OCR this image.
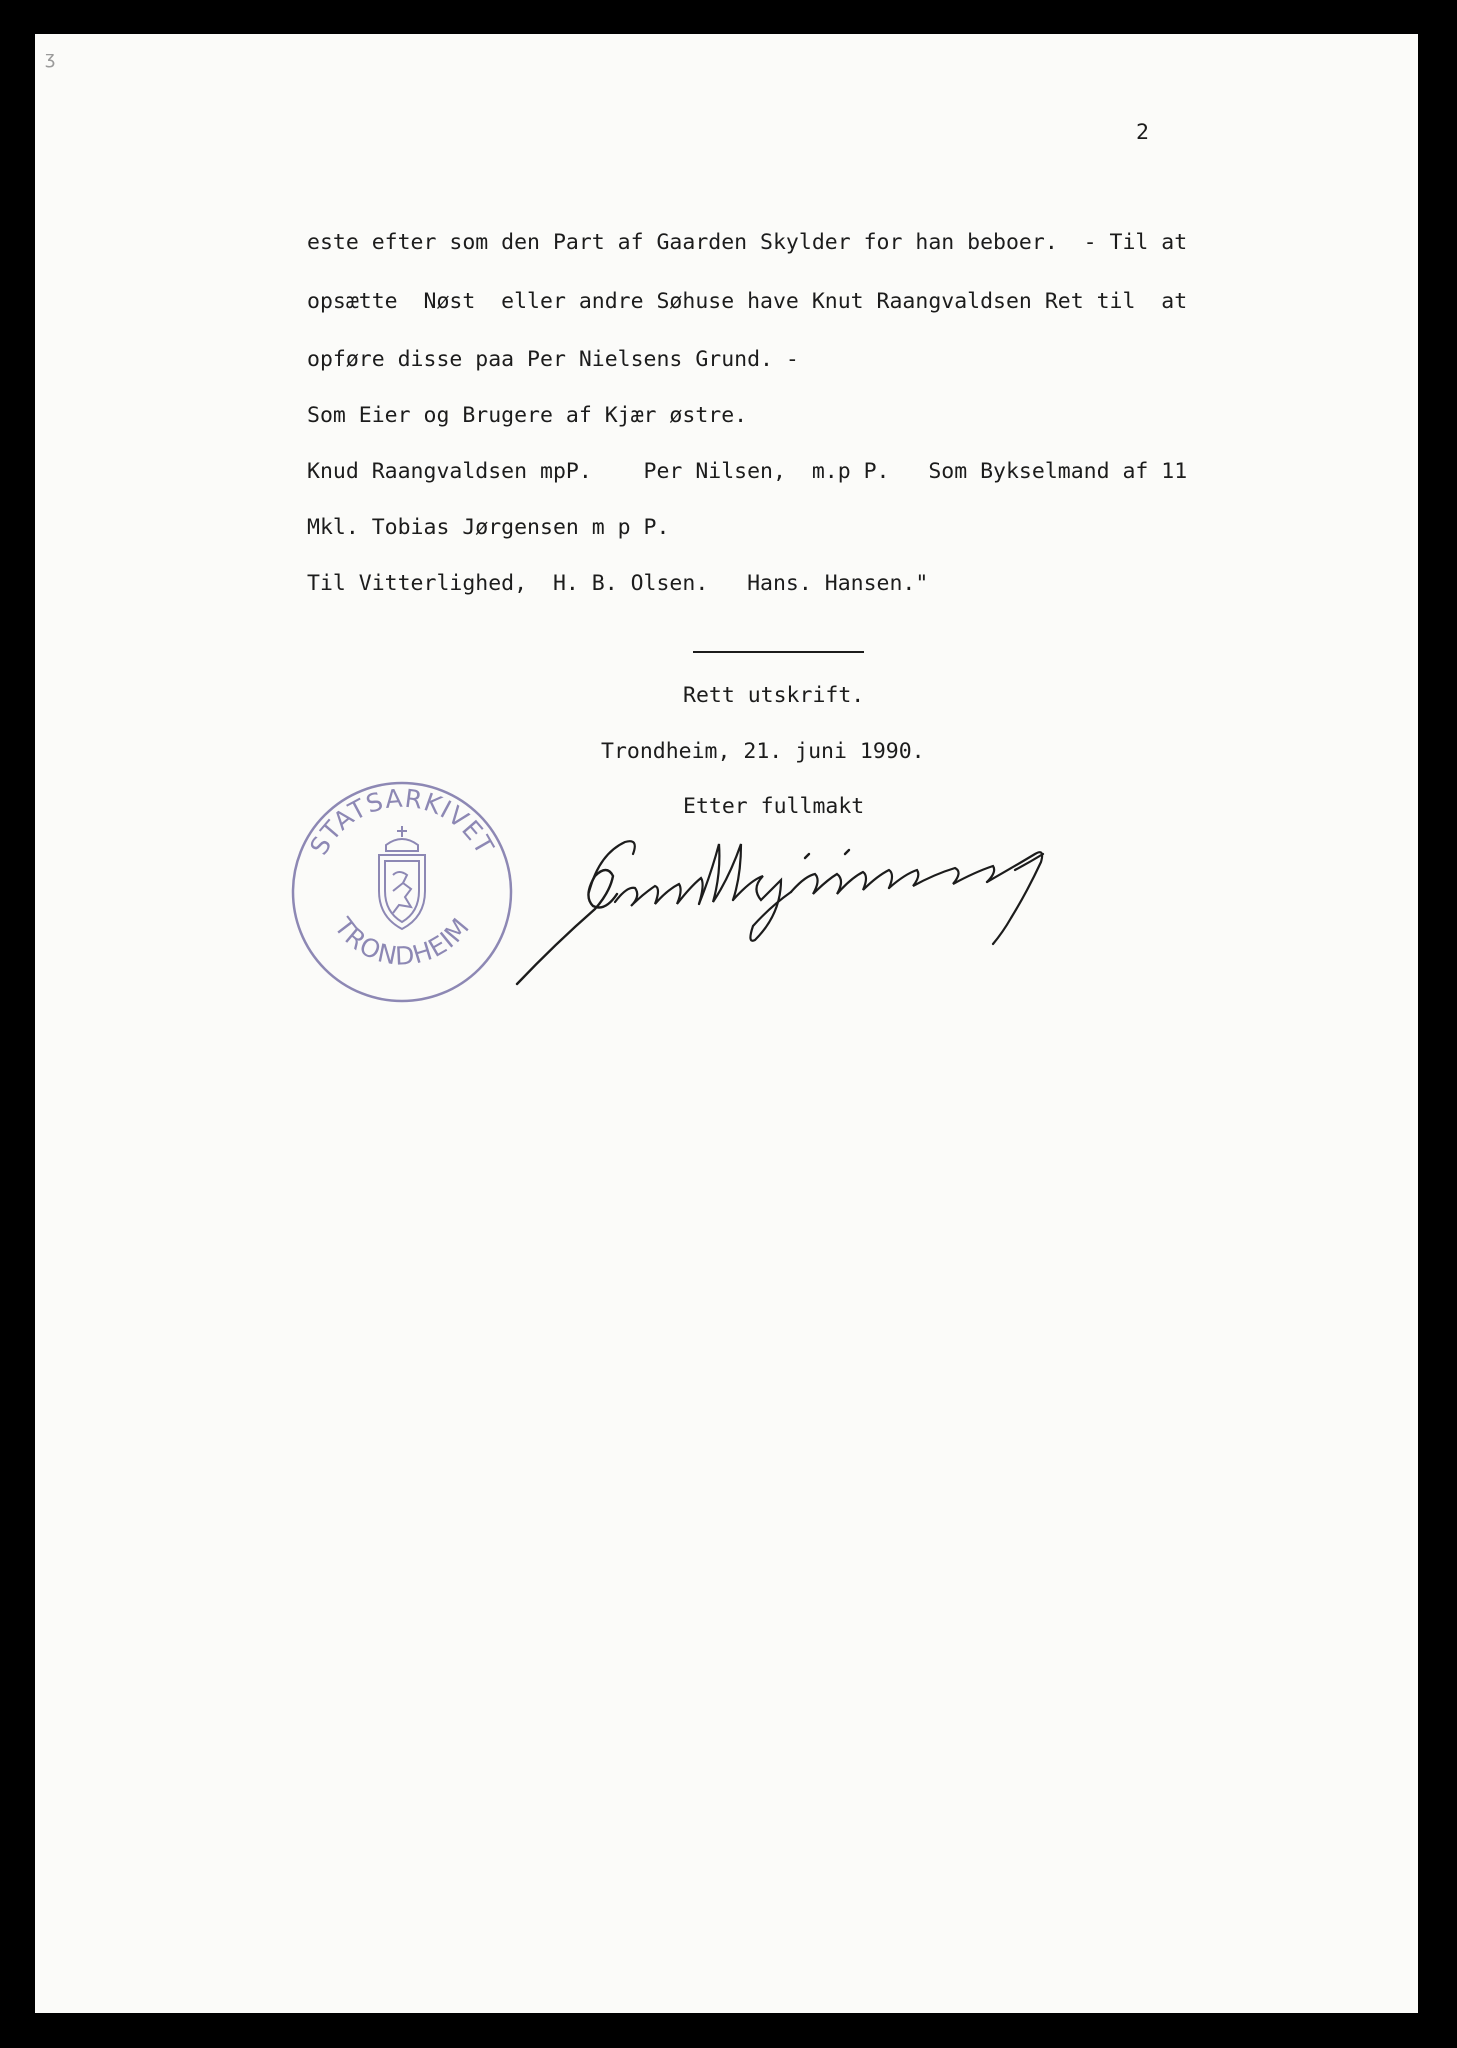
ʒ

2

este efter som den Part af Gaarden Skylder for han beboer.  - Til at

opsætte  Nøst  eller andre Søhuse have Knut Raangvaldsen Ret til  at

opføre disse paa Per Nielsens Grund. -

Som Eier og Brugere af Kjær østre.

Knud Raangvaldsen mpP.    Per Nilsen,  m.p P.   Som Bykselmand af 11

Mkl. Tobias Jørgensen m p P.

Til Vitterlighed,  H. B. Olsen.   Hans. Hansen."

Rett utskrift.

Trondheim, 21. juni 1990.

Etter fullmakt

STATSARKIVET
TRONDHEIM
